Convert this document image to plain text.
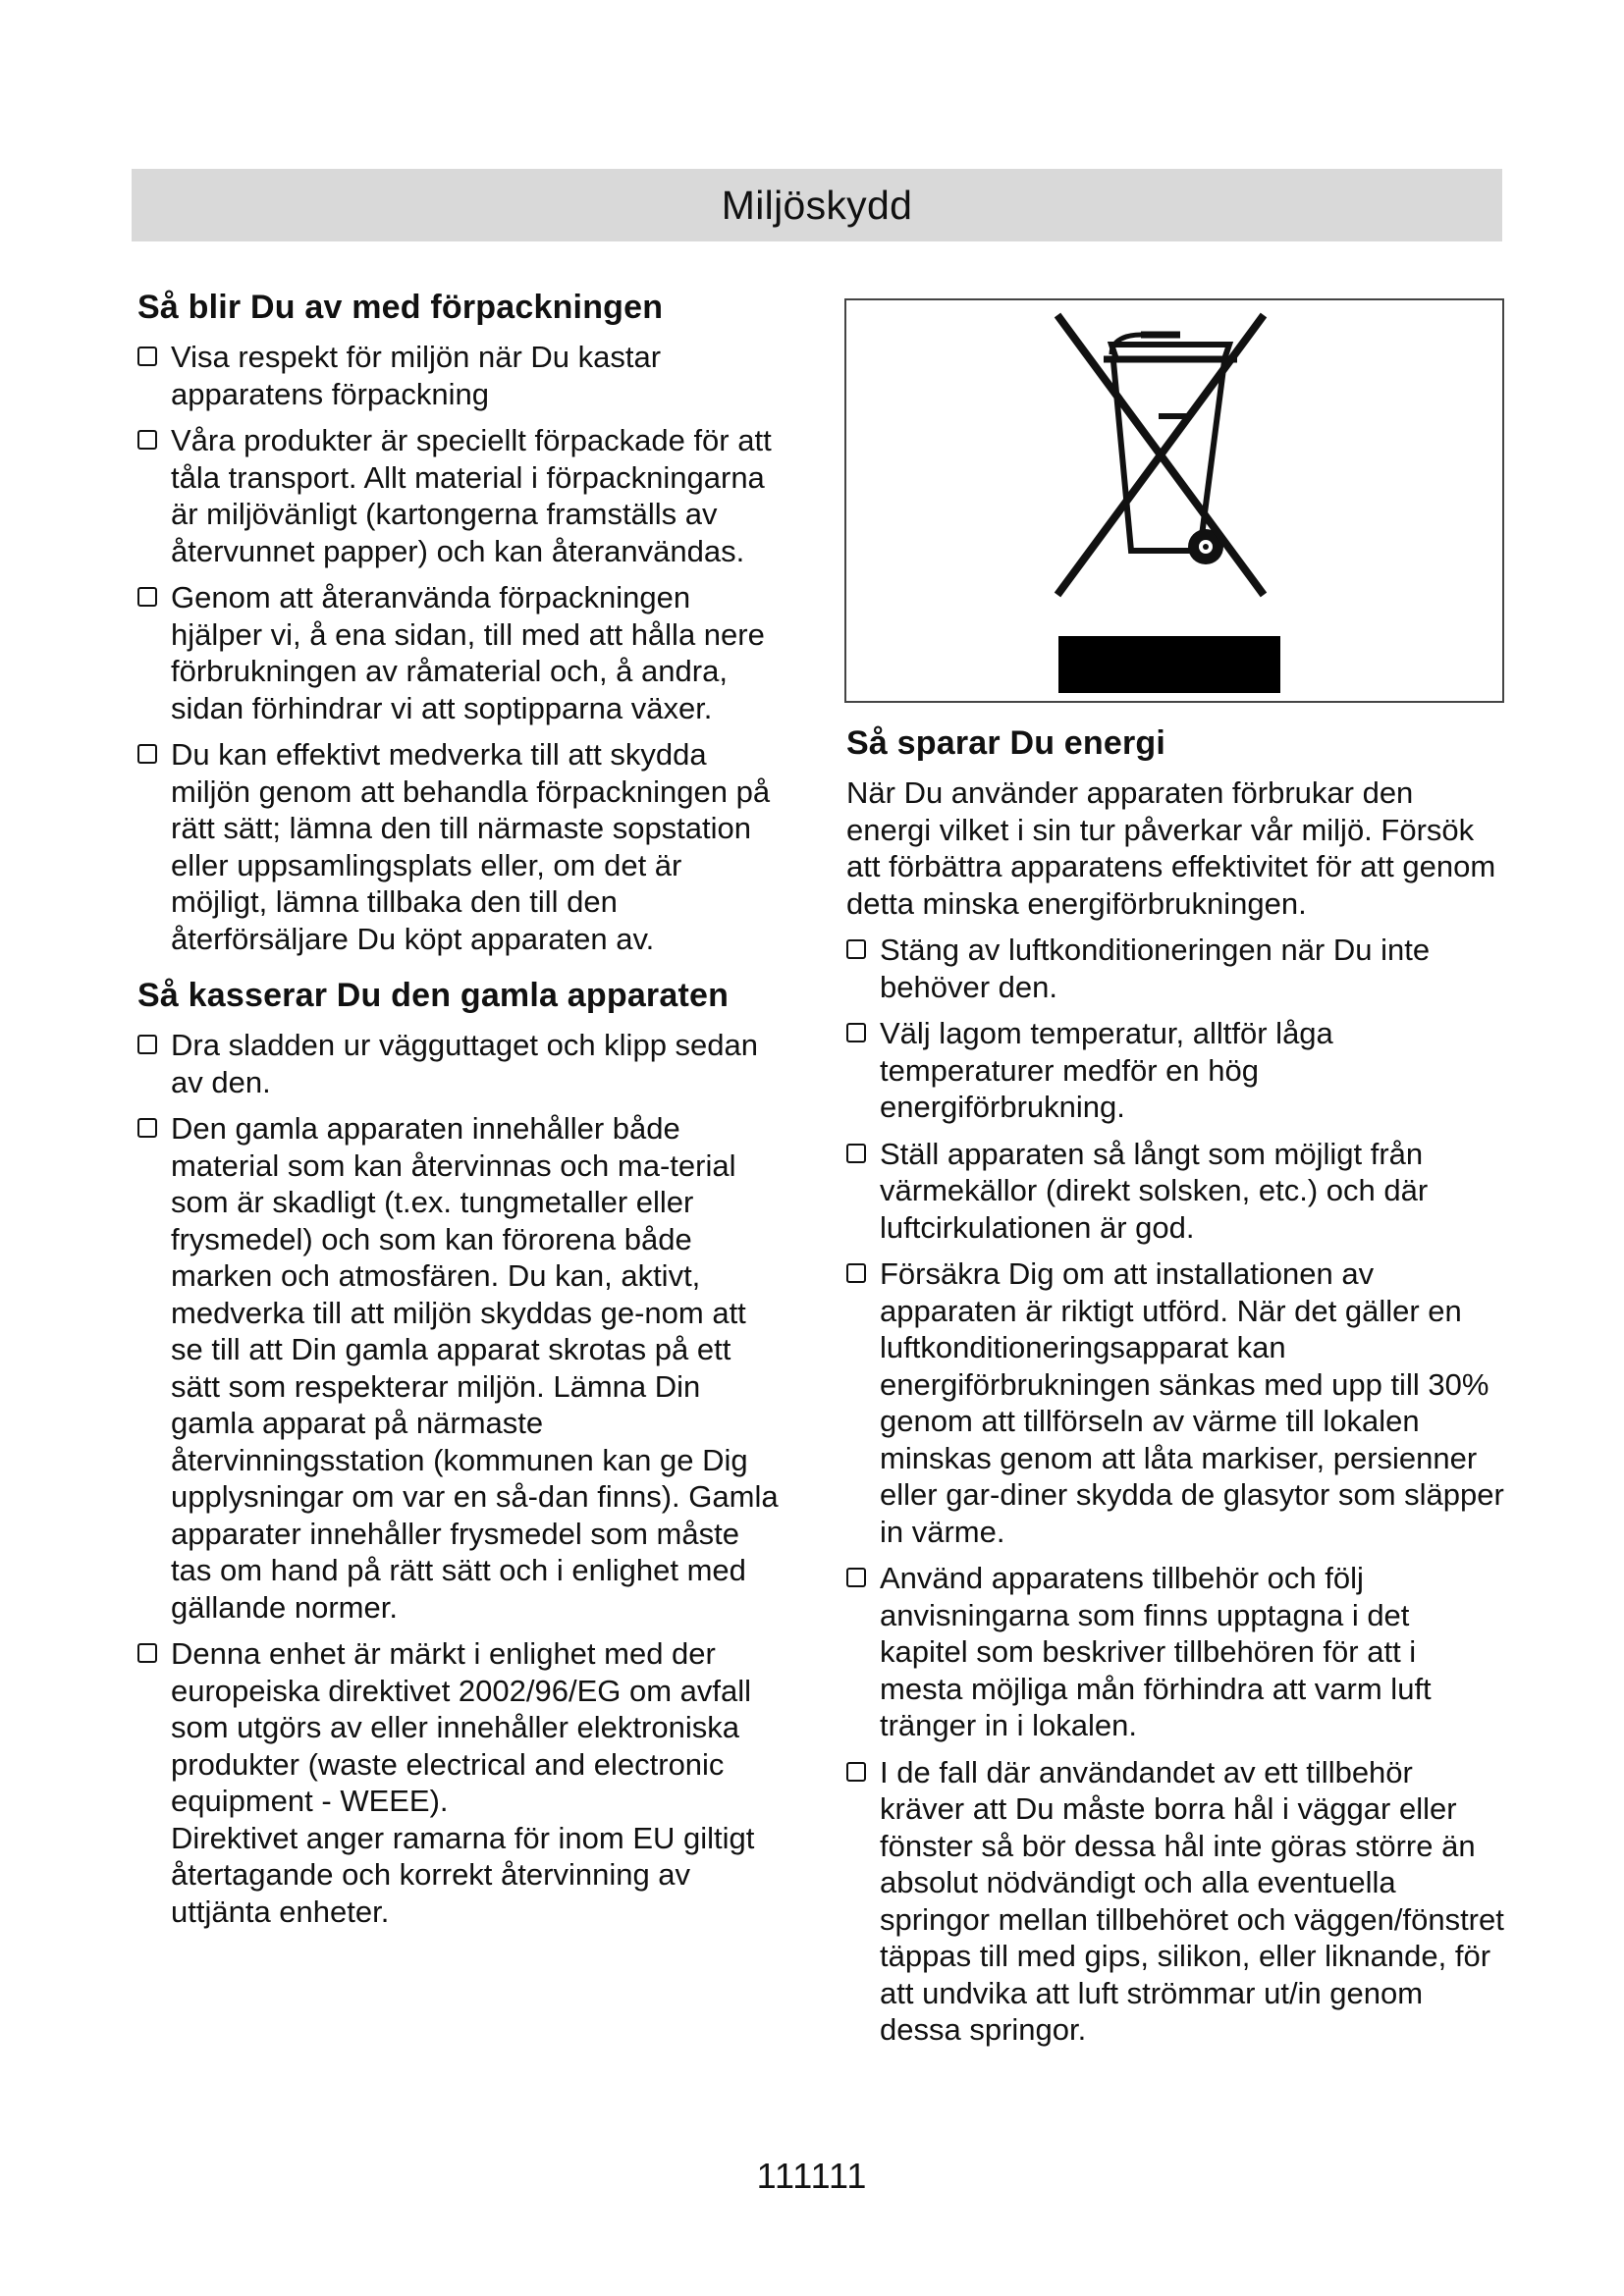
Miljöskydd
Så blir Du av med förpackningen
Visa respekt för miljön när Du kastar apparatens förpackning
Våra produkter är speciellt förpackade för att tåla transport. Allt material i förpackningarna är miljövänligt (kartongerna framställs av återvunnet papper) och kan återanvändas.
Genom att återanvända förpackningen hjälper vi, å ena sidan, till med att hålla nere förbrukningen av råmaterial och, å andra, sidan förhindrar vi att soptipparna växer.
Du kan effektivt medverka till att skydda miljön genom att behandla förpackningen på rätt sätt; lämna den till närmaste sopstation eller uppsamlingsplats eller, om det är möjligt, lämna tillbaka den till den återförsäljare Du köpt apparaten av.
Så kasserar Du den gamla apparaten
Dra sladden ur vägguttaget och klipp sedan av den.
Den gamla apparaten innehåller både material som kan återvinnas och ma-terial som är skadligt (t.ex. tungmetaller eller frysmedel) och som kan förorena både marken och atmosfären. Du kan, aktivt, medverka till att miljön skyddas ge-nom att se till att Din gamla apparat skrotas på ett sätt som respekterar miljön. Lämna Din gamla apparat på närmaste återvinningsstation (kommunen kan ge Dig upplysningar om var en så-dan finns). Gamla apparater innehåller frysmedel som måste tas om hand på rätt sätt och i enlighet med gällande normer.
Denna enhet är märkt i enlighet med der europeiska direktivet 2002/96/EG om avfall som utgörs av eller innehåller elektroniska produkter (waste electrical and electronic equipment - WEEE).
Direktivet anger ramarna för inom EU giltigt återtagande och korrekt återvinning av uttjänta enheter.
Så sparar Du energi

När Du använder apparaten förbrukar den energi vilket i sin tur påverkar vår miljö. Försök att förbättra apparatens effektivitet för att genom detta minska energiförbrukningen.

Stäng av luftkonditioneringen när Du inte behöver den.
Välj lagom temperatur, alltför låga temperaturer medför en hög energiförbrukning.
Ställ apparaten så långt som möjligt från värmekällor (direkt solsken, etc.) och där luftcirkulationen är god.
Försäkra Dig om att installationen av apparaten är riktigt utförd. När det gäller en luftkonditioneringsapparat kan energiförbrukningen sänkas med upp till 30% genom att tillförseln av värme till lokalen minskas genom att låta markiser, persienner eller gar-diner skydda de glasytor som släpper in värme.
Använd apparatens tillbehör och följ anvisningarna som finns upptagna i det kapitel som beskriver tillbehören för att i mesta möjliga mån förhindra att varm luft tränger in i lokalen.
I de fall där användandet av ett tillbehör kräver att Du måste borra hål i väggar eller fönster så bör dessa hål inte göras större än absolut nödvändigt och alla eventuella springor mellan tillbehöret och väggen/fönstret täppas till med gips, silikon, eller liknande, för att undvika att luft strömmar ut/in genom dessa springor.
111111
